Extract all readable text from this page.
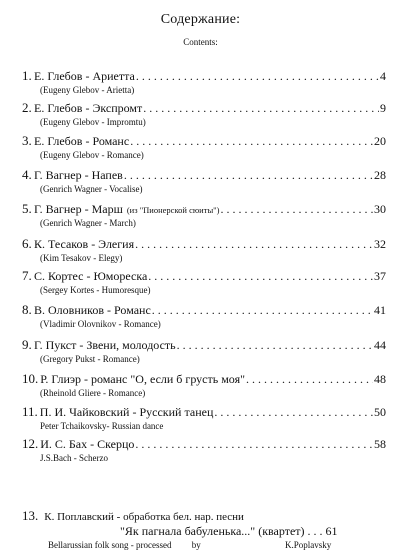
Содержание:
Contents:
1. Е. Глебов - Ариетта . . .	4
(Eugeny Glebov - Arietta)
2. Е. Глебов - Экспромт . . .	9
(Eugeny Glebov - Impromtu)
3. Е. Глебов - Романс . . .	20
(Eugeny Glebov - Romance)
4. Г. Вагнер - Напев . . .	28
(Genrich Wagner - Vocalise)
5. Г. Вагнер - Марш (из "Пионерской сюиты") . . .	30
(Genrich Wagner - March)
6. К. Тесаков - Элегия . . .	32
(Kim Tesakov - Elegy)
7. С. Кортес - Юмореска . . .	37
(Sergey Kortes - Humoresque)
8. В. Оловников - Романс . . .	41
(Vladimir Olovnikov - Romance)
9. Г. Пукст - Звени, молодость . . .	44
(Gregory Pukst - Romance)
10. Р. Глиэр - романс "О, если б грусть моя" . . .	48
(Rheinold Gliere - Romance)
11. П. И. Чайковский - Русский танец . . .	50
Peter Tchaikovsky- Russian dance
12. И. С. Бах - Скерцо . . .	58
J.S.Bach - Scherzo
13. К. Поплавский - обработка бел. нар. песни
"Як пагнала бабуленька..." (квартет) . . . 61
Bellarussian folk song - processed by	K.Poplavsky
